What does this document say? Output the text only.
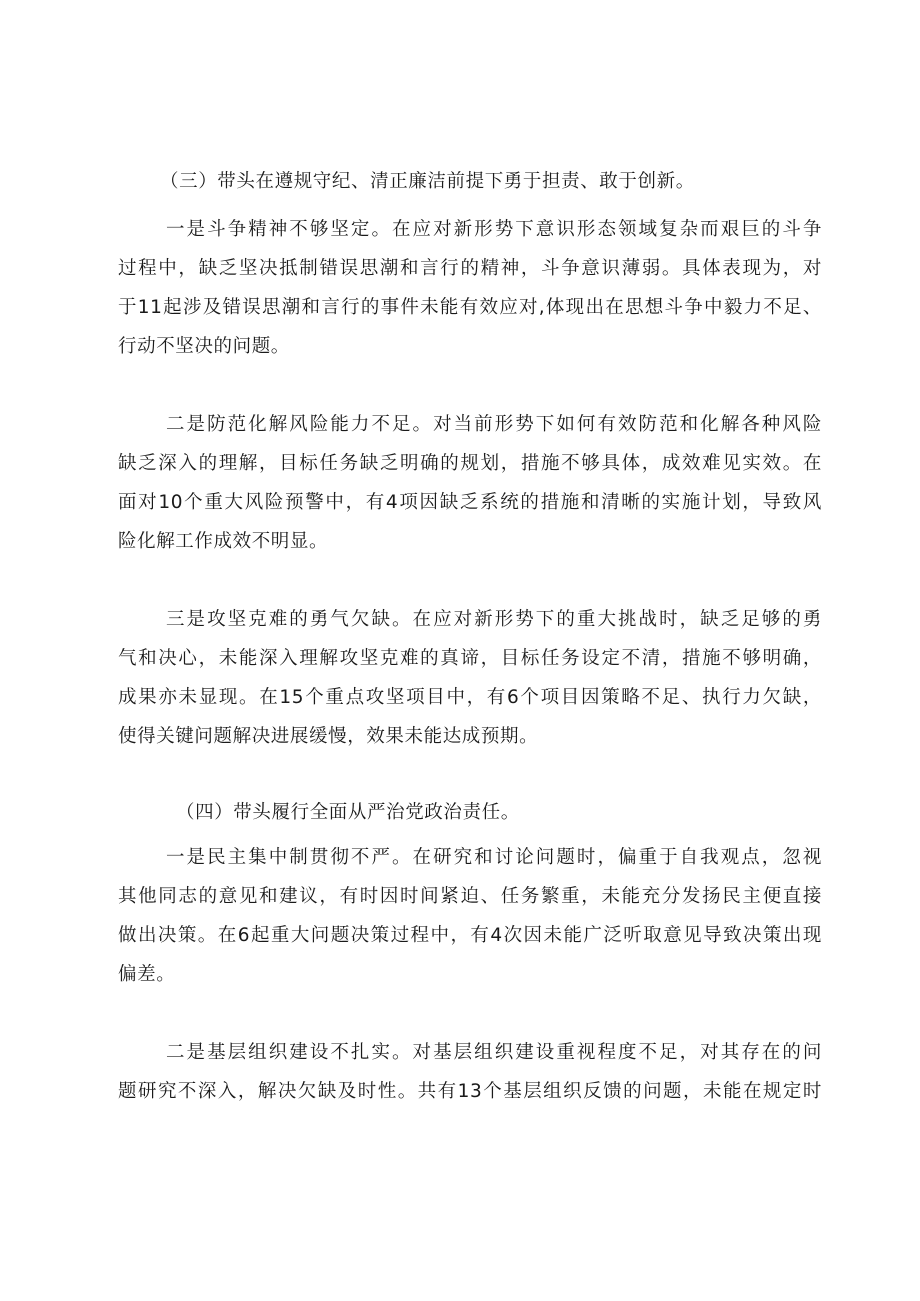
（三）带头在遵规守纪、清正廉洁前提下勇于担责、敢于创新。
一是斗争精神不够坚定。在应对新形势下意识形态领域复杂而艰巨的斗争
过程中，缺乏坚决抵制错误思潮和言行的精神，斗争意识薄弱。具体表现为，对
于11起涉及错误思潮和言行的事件未能有效应对,体现出在思想斗争中毅力不足、
行动不坚决的问题。
二是防范化解风险能力不足。对当前形势下如何有效防范和化解各种风险
缺乏深入的理解，目标任务缺乏明确的规划，措施不够具体，成效难见实效。在
面对10个重大风险预警中，有4项因缺乏系统的措施和清晰的实施计划，导致风
险化解工作成效不明显。
三是攻坚克难的勇气欠缺。在应对新形势下的重大挑战时，缺乏足够的勇
气和决心，未能深入理解攻坚克难的真谛，目标任务设定不清，措施不够明确，
成果亦未显现。在15个重点攻坚项目中，有6个项目因策略不足、执行力欠缺，
使得关键问题解决进展缓慢，效果未能达成预期。
（四）带头履行全面从严治党政治责任。
一是民主集中制贯彻不严。在研究和讨论问题时，偏重于自我观点，忽视
其他同志的意见和建议，有时因时间紧迫、任务繁重，未能充分发扬民主便直接
做出决策。在6起重大问题决策过程中，有4次因未能广泛听取意见导致决策出现
偏差。
二是基层组织建设不扎实。对基层组织建设重视程度不足，对其存在的问
题研究不深入，解决欠缺及时性。共有13个基层组织反馈的问题，未能在规定时
